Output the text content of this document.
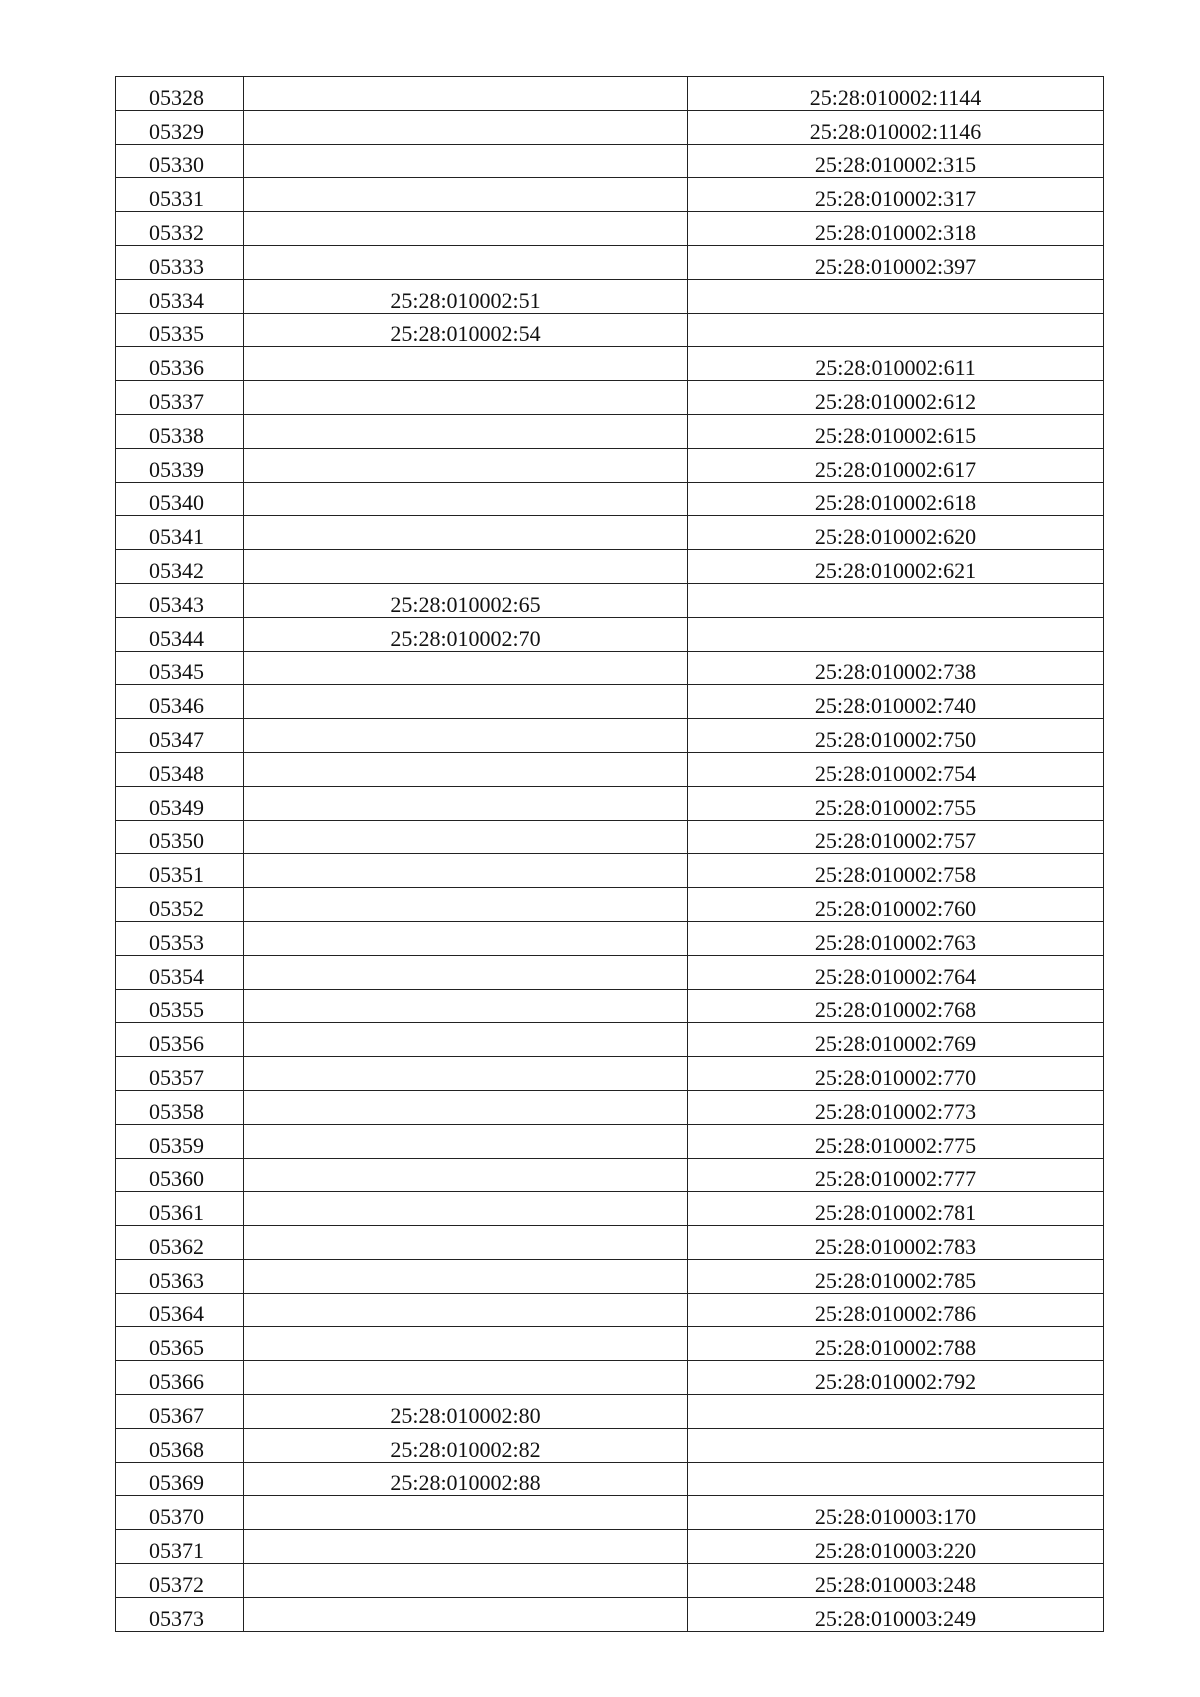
05328		25:28:010002:1144
05329		25:28:010002:1146
05330		25:28:010002:315
05331		25:28:010002:317
05332		25:28:010002:318
05333		25:28:010002:397
05334	25:28:010002:51	
05335	25:28:010002:54	
05336		25:28:010002:611
05337		25:28:010002:612
05338		25:28:010002:615
05339		25:28:010002:617
05340		25:28:010002:618
05341		25:28:010002:620
05342		25:28:010002:621
05343	25:28:010002:65	
05344	25:28:010002:70	
05345		25:28:010002:738
05346		25:28:010002:740
05347		25:28:010002:750
05348		25:28:010002:754
05349		25:28:010002:755
05350		25:28:010002:757
05351		25:28:010002:758
05352		25:28:010002:760
05353		25:28:010002:763
05354		25:28:010002:764
05355		25:28:010002:768
05356		25:28:010002:769
05357		25:28:010002:770
05358		25:28:010002:773
05359		25:28:010002:775
05360		25:28:010002:777
05361		25:28:010002:781
05362		25:28:010002:783
05363		25:28:010002:785
05364		25:28:010002:786
05365		25:28:010002:788
05366		25:28:010002:792
05367	25:28:010002:80	
05368	25:28:010002:82	
05369	25:28:010002:88	
05370		25:28:010003:170
05371		25:28:010003:220
05372		25:28:010003:248
05373		25:28:010003:249
